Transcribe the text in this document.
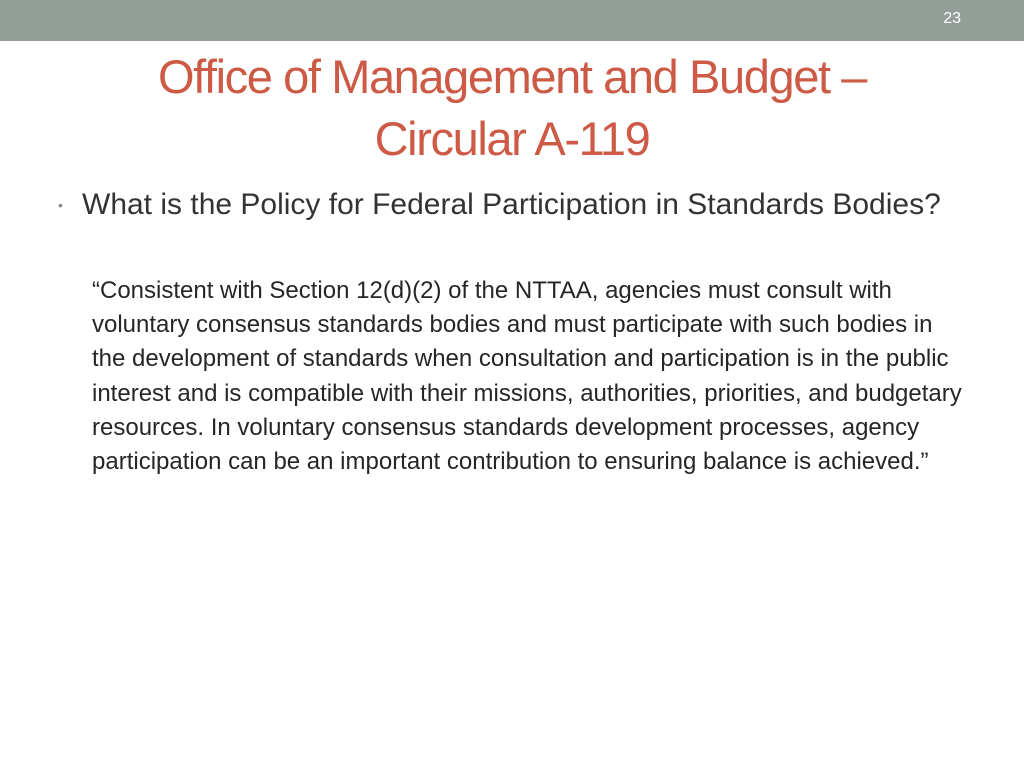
23
Office of Management and Budget – Circular A-119
• What is the Policy for Federal Participation in Standards Bodies?

“Consistent with Section 12(d)(2) of the NTTAA, agencies must consult with voluntary consensus standards bodies and must participate with such bodies in the development of standards when consultation and participation is in the public interest and is compatible with their missions, authorities, priorities, and budgetary resources. In voluntary consensus standards development processes, agency participation can be an important contribution to ensuring balance is achieved.”
